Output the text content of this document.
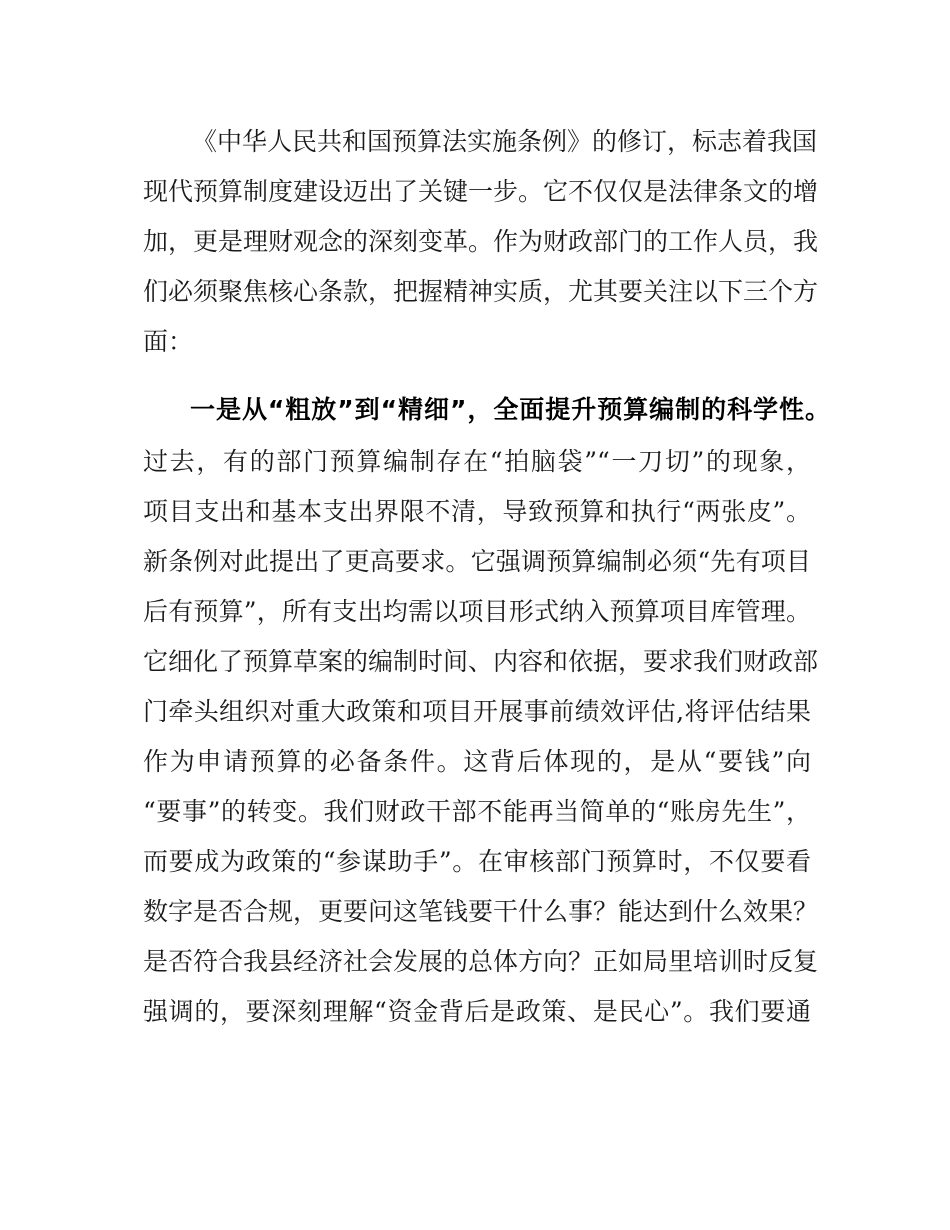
《中华人民共和国预算法实施条例》的修订，标志着我国
现代预算制度建设迈出了关键一步。它不仅仅是法律条文的增
加，更是理财观念的深刻变革。作为财政部门的工作人员，我
们必须聚焦核心条款，把握精神实质，尤其要关注以下三个方
面：
一是从“粗放”到“精细”，全面提升预算编制的科学性。
过去，有的部门预算编制存在“拍脑袋”“一刀切”的现象，
项目支出和基本支出界限不清，导致预算和执行“两张皮”。
新条例对此提出了更高要求。它强调预算编制必须“先有项目
后有预算”，所有支出均需以项目形式纳入预算项目库管理。
它细化了预算草案的编制时间、内容和依据，要求我们财政部
门牵头组织对重大政策和项目开展事前绩效评估,将评估结果
作为申请预算的必备条件。这背后体现的，是从“要钱”向
“要事”的转变。我们财政干部不能再当简单的“账房先生”，
而要成为政策的“参谋助手”。在审核部门预算时，不仅要看
数字是否合规，更要问这笔钱要干什么事？能达到什么效果？
是否符合我县经济社会发展的总体方向？正如局里培训时反复
强调的，要深刻理解“资金背后是政策、是民心”。我们要通
